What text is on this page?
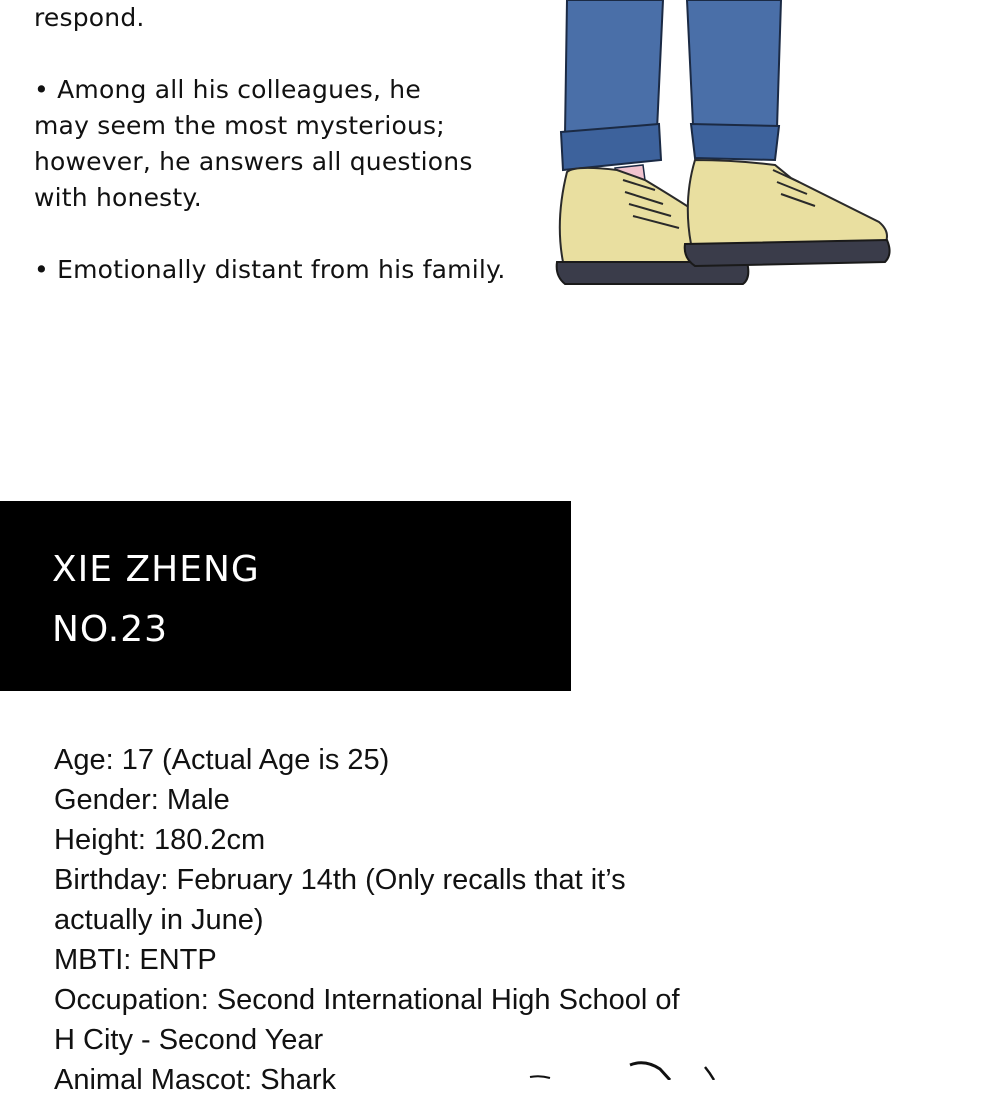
respond.
• Among all his colleagues, he
may seem the most mysterious;
however, he answers all questions
with honesty.
• Emotionally distant from his family.
XIE ZHENG
NO.23
Age: 17 (Actual Age is 25)
Gender: Male
Height: 180.2cm
Birthday: February 14th (Only recalls that it’s
actually in June)
MBTI: ENTP
Occupation: Second International High School of
H City - Second Year
Animal Mascot: Shark
